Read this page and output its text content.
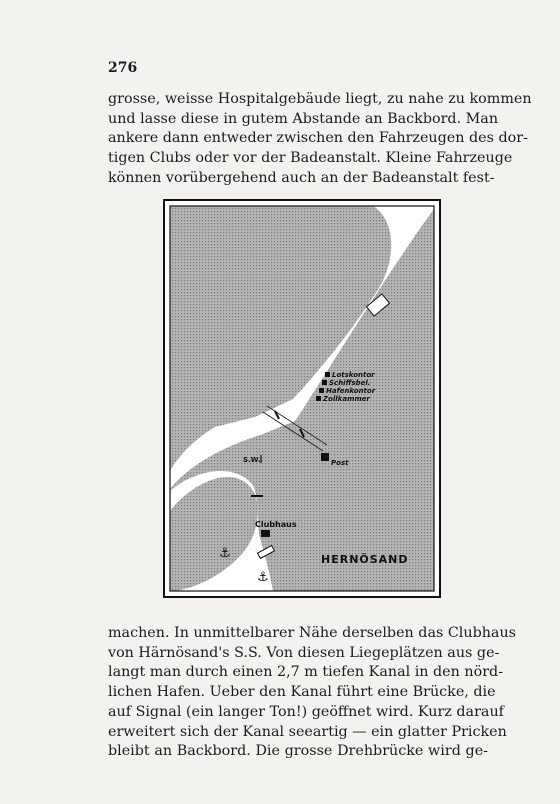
276
grosse, weisse Hospitalgebäude liegt, zu nahe zu kommen
und lasse diese in gutem Abstande an Backbord. Man
ankere dann entweder zwischen den Fahrzeugen des dor-
tigen Clubs oder vor der Badeanstalt. Kleine Fahrzeuge
können vorübergehend auch an der Badeanstalt fest-
Lotskontor
Schiffsbel.
Hafenkontor
Zollkammer
Post
S.W.
Clubhaus
⚓
⚓
HERNÖSAND
machen. In unmittelbarer Nähe derselben das Clubhaus
von Härnösand's S.S. Von diesen Liegeplätzen aus ge-
langt man durch einen 2,7 m tiefen Kanal in den nörd-
lichen Hafen. Ueber den Kanal führt eine Brücke, die
auf Signal (ein langer Ton!) geöffnet wird. Kurz darauf
erweitert sich der Kanal seeartig — ein glatter Pricken
bleibt an Backbord. Die grosse Drehbrücke wird ge-
